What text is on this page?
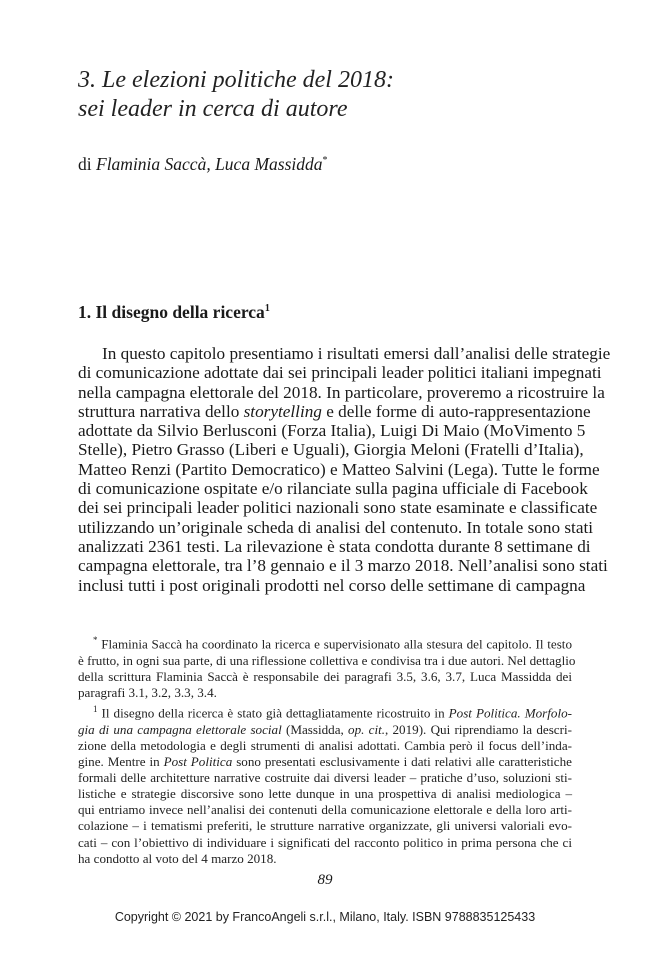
3. Le elezioni politiche del 2018:
sei leader in cerca di autore
di Flaminia Saccà, Luca Massidda*
1. Il disegno della ricerca$^1$
In questo capitolo presentiamo i risultati emersi dall’analisi delle strategie
di comunicazione adottate dai sei principali leader politici italiani impegnati
nella campagna elettorale del 2018. In particolare, proveremo a ricostruire la
struttura narrativa dello storytelling e delle forme di auto-rappresentazione
adottate da Silvio Berlusconi (Forza Italia), Luigi Di Maio (MoVimento 5
Stelle), Pietro Grasso (Liberi e Uguali), Giorgia Meloni (Fratelli d’Italia),
Matteo Renzi (Partito Democratico) e Matteo Salvini (Lega). Tutte le forme
di comunicazione ospitate e/o rilanciate sulla pagina ufficiale di Facebook
dei sei principali leader politici nazionali sono state esaminate e classificate
utilizzando un’originale scheda di analisi del contenuto. In totale sono stati
analizzati 2361 testi. La rilevazione è stata condotta durante 8 settimane di
campagna elettorale, tra l’8 gennaio e il 3 marzo 2018. Nell’analisi sono stati
inclusi tutti i post originali prodotti nel corso delle settimane di campagna
* Flaminia Saccà ha coordinato la ricerca e supervisionato alla stesura del capitolo. Il testo
è frutto, in ogni sua parte, di una riflessione collettiva e condivisa tra i due autori. Nel dettaglio
della scrittura Flaminia Saccà è responsabile dei paragrafi 3.5, 3.6, 3.7, Luca Massidda dei
paragrafi 3.1, 3.2, 3.3, 3.4.
$^1$ Il disegno della ricerca è stato già dettagliatamente ricostruito in Post Politica. Morfolo-
gia di una campagna elettorale social (Massidda, op. cit., 2019). Qui riprendiamo la descri-
zione della metodologia e degli strumenti di analisi adottati. Cambia però il focus dell’inda-
gine. Mentre in Post Politica sono presentati esclusivamente i dati relativi alle caratteristiche
formali delle architetture narrative costruite dai diversi leader – pratiche d’uso, soluzioni sti-
listiche e strategie discorsive sono lette dunque in una prospettiva di analisi mediologica –
qui entriamo invece nell’analisi dei contenuti della comunicazione elettorale e della loro arti-
colazione – i tematismi preferiti, le strutture narrative organizzate, gli universi valoriali evo-
cati – con l’obiettivo di individuare i significati del racconto politico in prima persona che ci
ha condotto al voto del 4 marzo 2018.
89
Copyright © 2021 by FrancoAngeli s.r.l., Milano, Italy. ISBN 9788835125433
